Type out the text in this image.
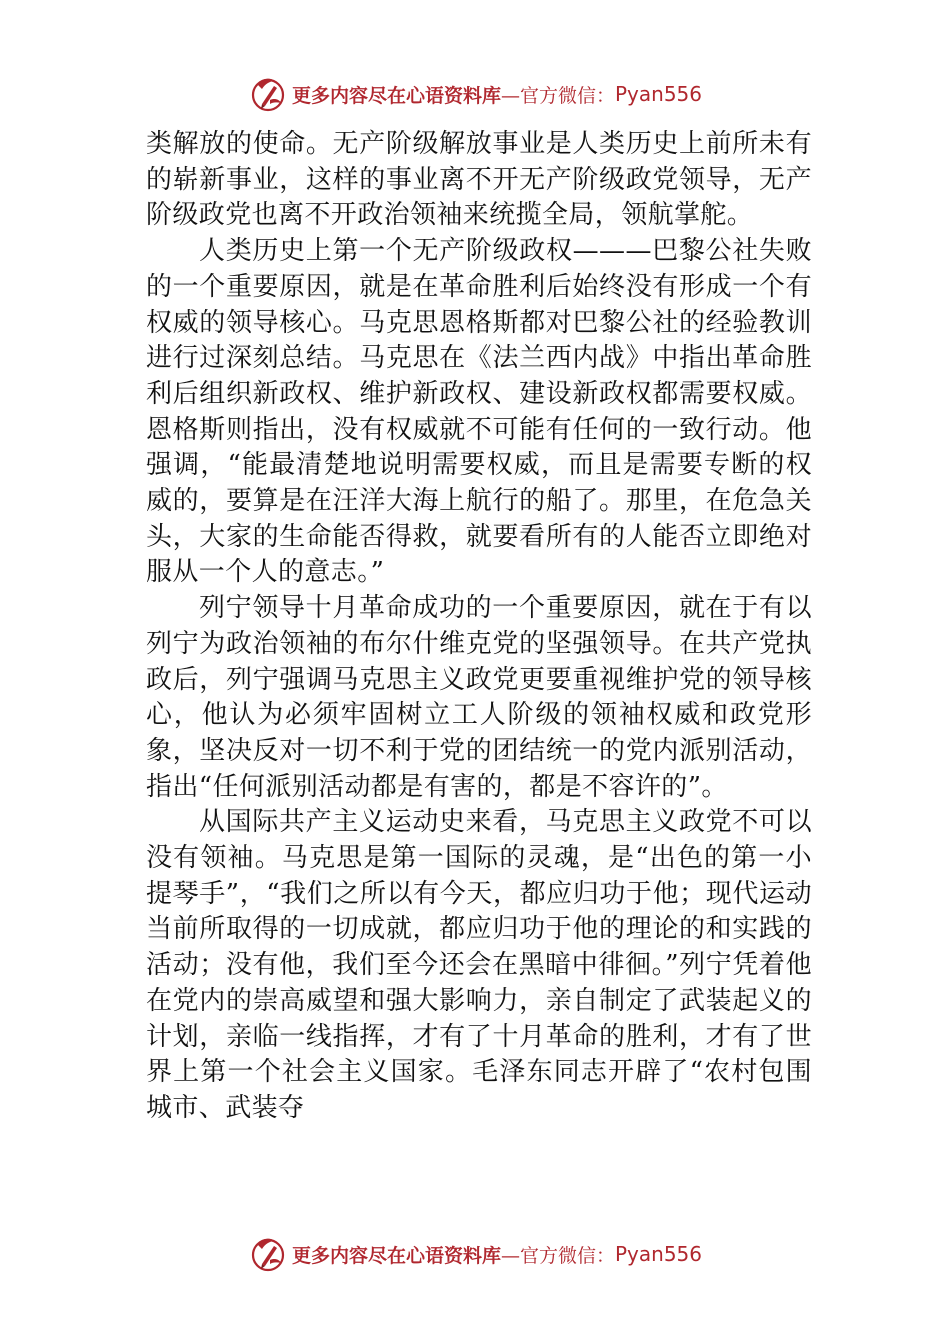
更多内容尽在心语资料库 —官方微信： Pyan556

类解放的使命。无产阶级解放事业是人类历史上前所未有的崭新事业，这样的事业离不开无产阶级政党领导，无产阶级政党也离不开政治领袖来统揽全局，领航掌舵。

人类历史上第一个无产阶级政权———巴黎公社失败的一个重要原因，就是在革命胜利后始终没有形成一个有权威的领导核心。马克思恩格斯都对巴黎公社的经验教训进行过深刻总结。马克思在《法兰西内战》中指出革命胜利后组织新政权、维护新政权、建设新政权都需要权威。恩格斯则指出，没有权威就不可能有任何的一致行动。他强调，“能最清楚地说明需要权威，而且是需要专断的权威的，要算是在汪洋大海上航行的船了。那里，在危急关头，大家的生命能否得救，就要看所有的人能否立即绝对服从一个人的意志。”

列宁领导十月革命成功的一个重要原因，就在于有以列宁为政治领袖的布尔什维克党的坚强领导。在共产党执政后，列宁强调马克思主义政党更要重视维护党的领导核心，他认为必须牢固树立工人阶级的领袖权威和政党形象，坚决反对一切不利于党的团结统一的党内派别活动，指出“任何派别活动都是有害的，都是不容许的”。

从国际共产主义运动史来看，马克思主义政党不可以没有领袖。马克思是第一国际的灵魂，是“出色的第一小提琴手”，“我们之所以有今天，都应归功于他；现代运动当前所取得的一切成就，都应归功于他的理论的和实践的活动；没有他，我们至今还会在黑暗中徘徊。”列宁凭着他在党内的崇高威望和强大影响力，亲自制定了武装起义的计划，亲临一线指挥，才有了十月革命的胜利，才有了世界上第一个社会主义国家。毛泽东同志开辟了“农村包围城市、武装夺

更多内容尽在心语资料库 —官方微信： Pyan556
